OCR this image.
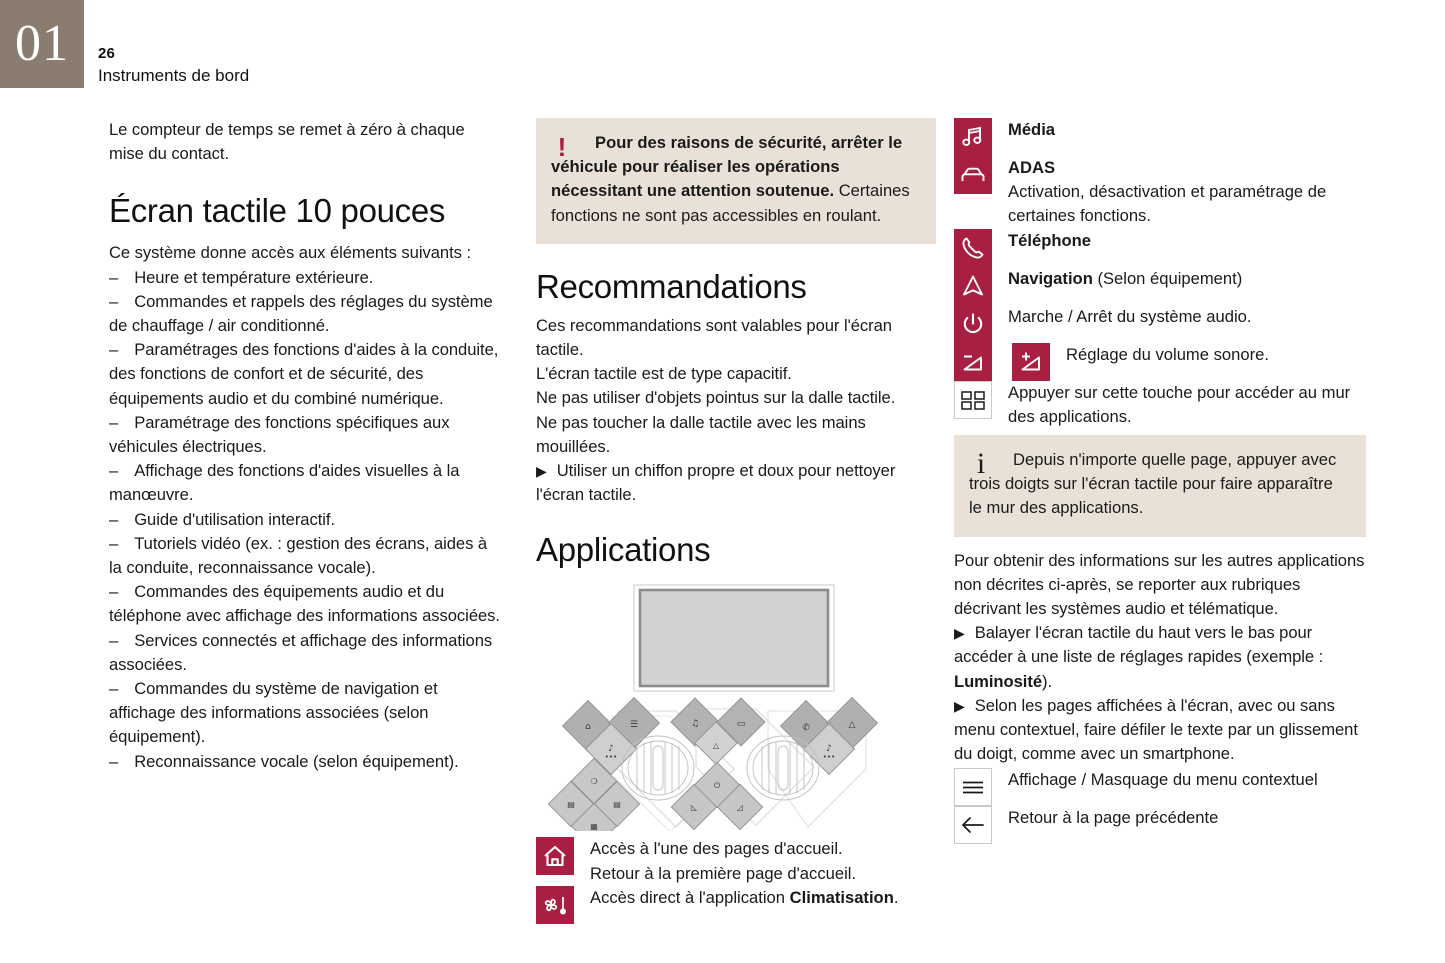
01	26
Instruments de bord

Le compteur de temps se remet à zéro à chaque mise du contact.

Écran tactile 10 pouces

Ce système donne accès aux éléments suivants :

– Heure et température extérieure.
– Commandes et rappels des réglages du système de chauffage / air conditionné.
– Paramétrages des fonctions d'aides à la conduite, des fonctions de confort et de sécurité, des équipements audio et du combiné numérique.
– Paramétrage des fonctions spécifiques aux véhicules électriques.
– Affichage des fonctions d'aides visuelles à la manœuvre.
– Guide d'utilisation interactif.
– Tutoriels vidéo (ex. : gestion des écrans, aides à la conduite, reconnaissance vocale).
– Commandes des équipements audio et du téléphone avec affichage des informations associées.
– Services connectés et affichage des informations associées.
– Commandes du système de navigation et affichage des informations associées (selon équipement).
– Reconnaissance vocale (selon équipement).
!	Pour des raisons de sécurité, arrêter le véhicule pour réaliser les opérations nécessitant une attention soutenue. Certaines fonctions ne sont pas accessibles en roulant.
Recommandations
Ces recommandations sont valables pour l'écran tactile.
L'écran tactile est de type capacitif.
Ne pas utiliser d'objets pointus sur la dalle tactile.
Ne pas toucher la dalle tactile avec les mains mouillées.
▶ Utiliser un chiffon propre et doux pour nettoyer l'écran tactile.
Applications
⌂	☰
♪
•••
♫	▭
△
✆	△
♪
•••
❍
▤	▤
▦
⏻
◺	◿
Accès à l'une des pages d'accueil.
Retour à la première page d'accueil.
Accès direct à l'application Climatisation.
Média
ADAS
Activation, désactivation et paramétrage de certaines fonctions.
Téléphone
Navigation (Selon équipement)
Marche / Arrêt du système audio.
Réglage du volume sonore.
Appuyer sur cette touche pour accéder au mur des applications.
i	Depuis n'importe quelle page, appuyer avec trois doigts sur l'écran tactile pour faire apparaître le mur des applications.

Pour obtenir des informations sur les autres applications non décrites ci-après, se reporter aux rubriques décrivant les systèmes audio et télématique.

▶ Balayer l'écran tactile du haut vers le bas pour accéder à une liste de réglages rapides (exemple : Luminosité).
▶ Selon les pages affichées à l'écran, avec ou sans menu contextuel, faire défiler le texte par un glissement du doigt, comme avec un smartphone.
Affichage / Masquage du menu contextuel
Retour à la page précédente
